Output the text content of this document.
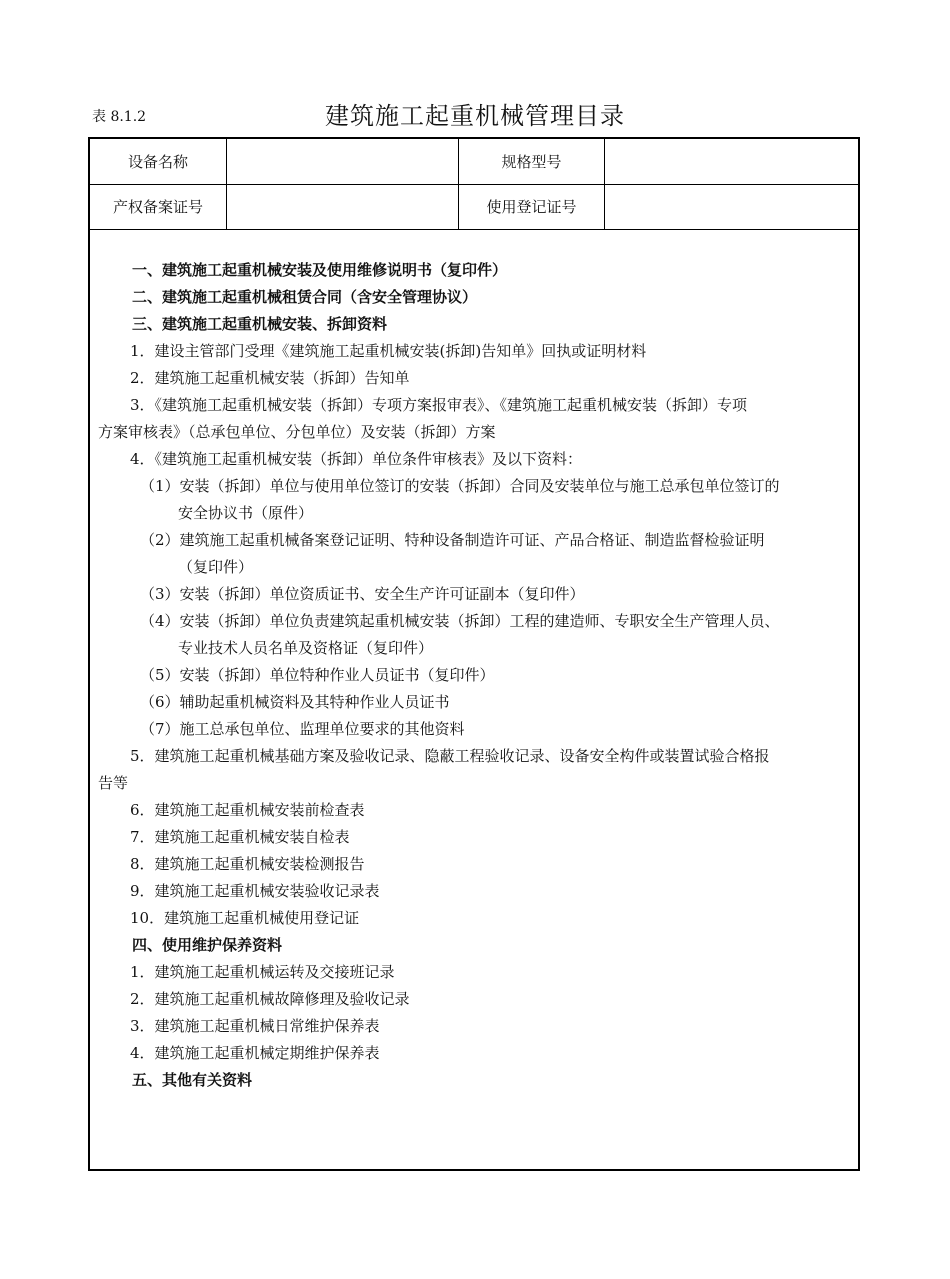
表 8.1.2	建筑施工起重机械管理目录
设备名称	规格型号
产权备案证号	使用登记证号
一、建筑施工起重机械安装及使用维修说明书（复印件）
二、建筑施工起重机械租赁合同（含安全管理协议）
三、建筑施工起重机械安装、拆卸资料
1．建设主管部门受理《建筑施工起重机械安装(拆卸)告知单》回执或证明材料
2．建筑施工起重机械安装（拆卸）告知单
3．《建筑施工起重机械安装（拆卸）专项方案报审表》、《建筑施工起重机械安装（拆卸）专项
方案审核表》（总承包单位、分包单位）及安装（拆卸）方案
4．《建筑施工起重机械安装（拆卸）单位条件审核表》及以下资料：
（1）安装（拆卸）单位与使用单位签订的安装（拆卸）合同及安装单位与施工总承包单位签订的
安全协议书（原件）
（2）建筑施工起重机械备案登记证明、特种设备制造许可证、产品合格证、制造监督检验证明
（复印件）
（3）安装（拆卸）单位资质证书、安全生产许可证副本（复印件）
（4）安装（拆卸）单位负责建筑起重机械安装（拆卸）工程的建造师、专职安全生产管理人员、
专业技术人员名单及资格证（复印件）
（5）安装（拆卸）单位特种作业人员证书（复印件）
（6）辅助起重机械资料及其特种作业人员证书
（7）施工总承包单位、监理单位要求的其他资料
5．建筑施工起重机械基础方案及验收记录、隐蔽工程验收记录、设备安全构件或装置试验合格报
告等
6．建筑施工起重机械安装前检查表
7．建筑施工起重机械安装自检表
8．建筑施工起重机械安装检测报告
9．建筑施工起重机械安装验收记录表
10．建筑施工起重机械使用登记证
四、使用维护保养资料
1．建筑施工起重机械运转及交接班记录
2．建筑施工起重机械故障修理及验收记录
3．建筑施工起重机械日常维护保养表
4．建筑施工起重机械定期维护保养表
五、其他有关资料
